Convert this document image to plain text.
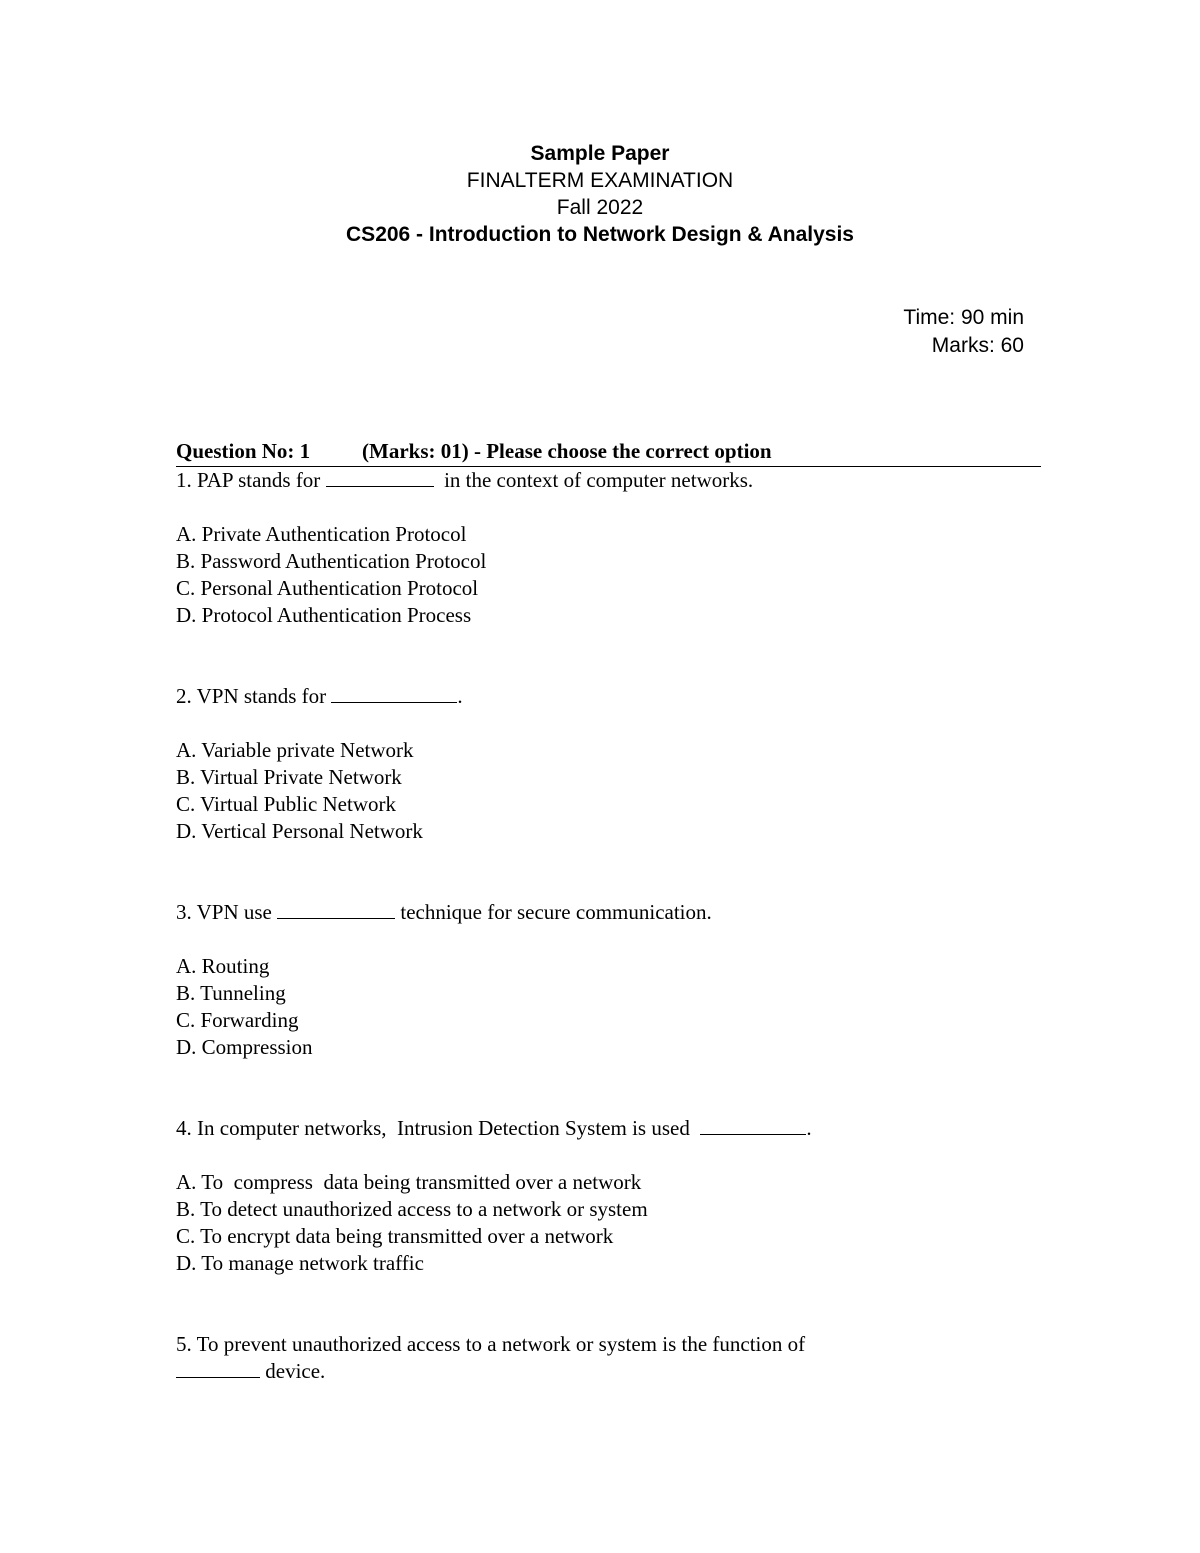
Sample Paper
FINALTERM EXAMINATION
Fall 2022
CS206 - Introduction to Network Design & Analysis
Time: 90 min
Marks: 60
Question No: 1 (Marks: 01) - Please choose the correct option
1. PAP stands for	in the context of computer networks.
A. Private Authentication Protocol
B. Password Authentication Protocol
C. Personal Authentication Protocol
D. Protocol Authentication Process
2. VPN stands for	.
A. Variable private Network
B. Virtual Private Network
C. Virtual Public Network
D. Vertical Personal Network
3. VPN use	technique for secure communication.
A. Routing
B. Tunneling
C. Forwarding
D. Compression
4. In computer networks,  Intrusion Detection System is used	.
A. To  compress  data being transmitted over a network
B. To detect unauthorized access to a network or system
C. To encrypt data being transmitted over a network
D. To manage network traffic
5. To prevent unauthorized access to a network or system is the function of
device.
